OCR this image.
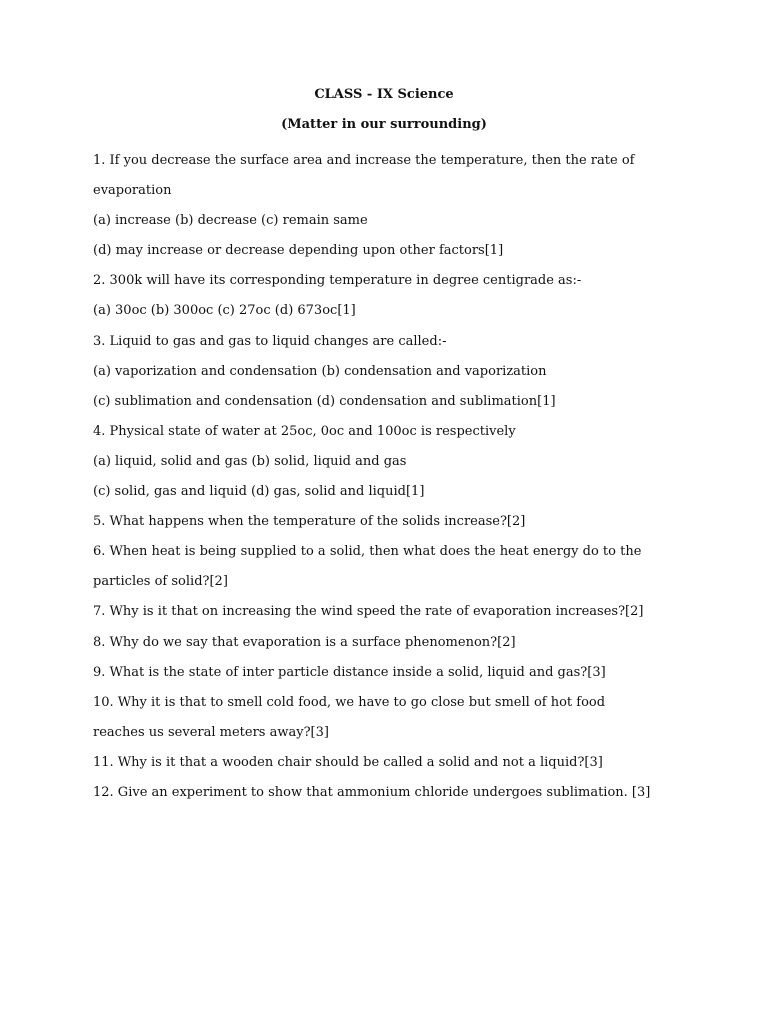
CLASS - IX Science
(Matter in our surrounding)
1. If you decrease the surface area and increase the temperature, then the rate of
evaporation
(a) increase (b) decrease (c) remain same
(d) may increase or decrease depending upon other factors[1]
2. 300k will have its corresponding temperature in degree centigrade as:-
(a) 30oc (b) 300oc (c) 27oc (d) 673oc[1]
3. Liquid to gas and gas to liquid changes are called:-
(a) vaporization and condensation (b) condensation and vaporization
(c) sublimation and condensation (d) condensation and sublimation[1]
4. Physical state of water at 25oc, 0oc and 100oc is respectively
(a) liquid, solid and gas (b) solid, liquid and gas
(c) solid, gas and liquid (d) gas, solid and liquid[1]
5. What happens when the temperature of the solids increase?[2]
6. When heat is being supplied to a solid, then what does the heat energy do to the
particles of solid?[2]
7. Why is it that on increasing the wind speed the rate of evaporation increases?[2]
8. Why do we say that evaporation is a surface phenomenon?[2]
9. What is the state of inter particle distance inside a solid, liquid and gas?[3]
10. Why it is that to smell cold food, we have to go close but smell of hot food
reaches us several meters away?[3]
11. Why is it that a wooden chair should be called a solid and not a liquid?[3]
12. Give an experiment to show that ammonium chloride undergoes sublimation. [3]
